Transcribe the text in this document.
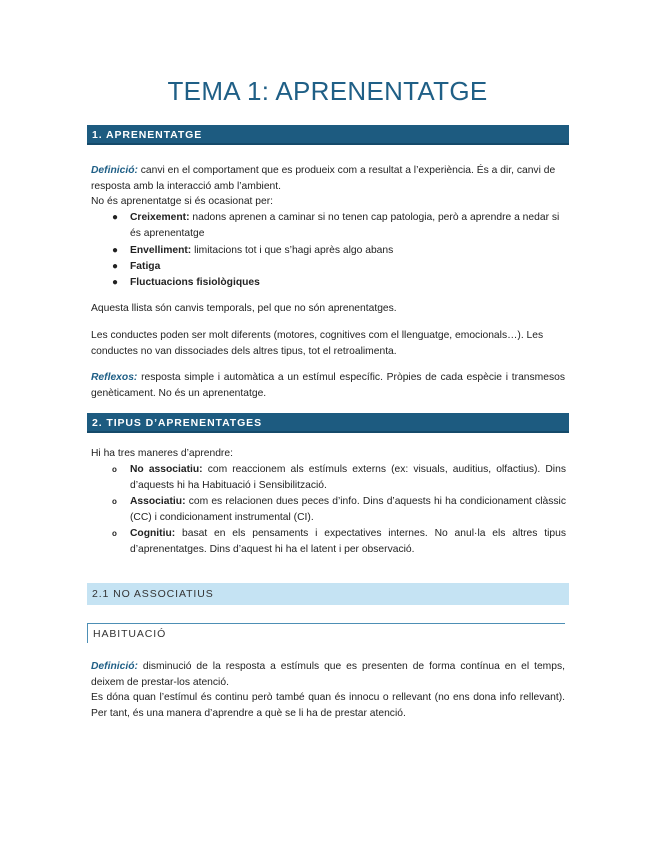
TEMA 1: APRENENTATGE
1. APRENENTATGE
Definició: canvi en el comportament que es produeix com a resultat a l’experiència. És a dir, canvi de resposta amb la interacció amb l’ambient.
No és aprenentatge si és ocasionat per:
● Creixement: nadons aprenen a caminar si no tenen cap patologia, però a aprendre a nedar si és aprenentatge
● Envelliment: limitacions tot i que s’hagi après algo abans
● Fatiga
● Fluctuacions fisiològiques
Aquesta llista són canvis temporals, pel que no són aprenentatges.
Les conductes poden ser molt diferents (motores, cognitives com el llenguatge, emocionals…). Les conductes no van dissociades dels altres tipus, tot el retroalimenta.
Reflexos: resposta simple i automàtica a un estímul específic. Pròpies de cada espècie i transmesos genèticament. No és un aprenentatge.
2. TIPUS D’APRENENTATGES
Hi ha tres maneres d’aprendre:
o No associatiu: com reaccionem als estímuls externs (ex: visuals, auditius, olfactius). Dins d’aquests hi ha Habituació i Sensibilització.
o Associatiu: com es relacionen dues peces d’info. Dins d’aquests hi ha condicionament clàssic (CC) i condicionament instrumental (CI).
o Cognitiu: basat en els pensaments i expectatives internes. No anul·la els altres tipus d’aprenentatges. Dins d’aquest hi ha el latent i per observació.
2.1 NO ASSOCIATIUS
HABITUACIÓ
Definició: disminució de la resposta a estímuls que es presenten de forma contínua en el temps, deixem de prestar-los atenció.
Es dóna quan l’estímul és continu però també quan és innocu o rellevant (no ens dona info rellevant). Per tant, és una manera d’aprendre a què se li ha de prestar atenció.
